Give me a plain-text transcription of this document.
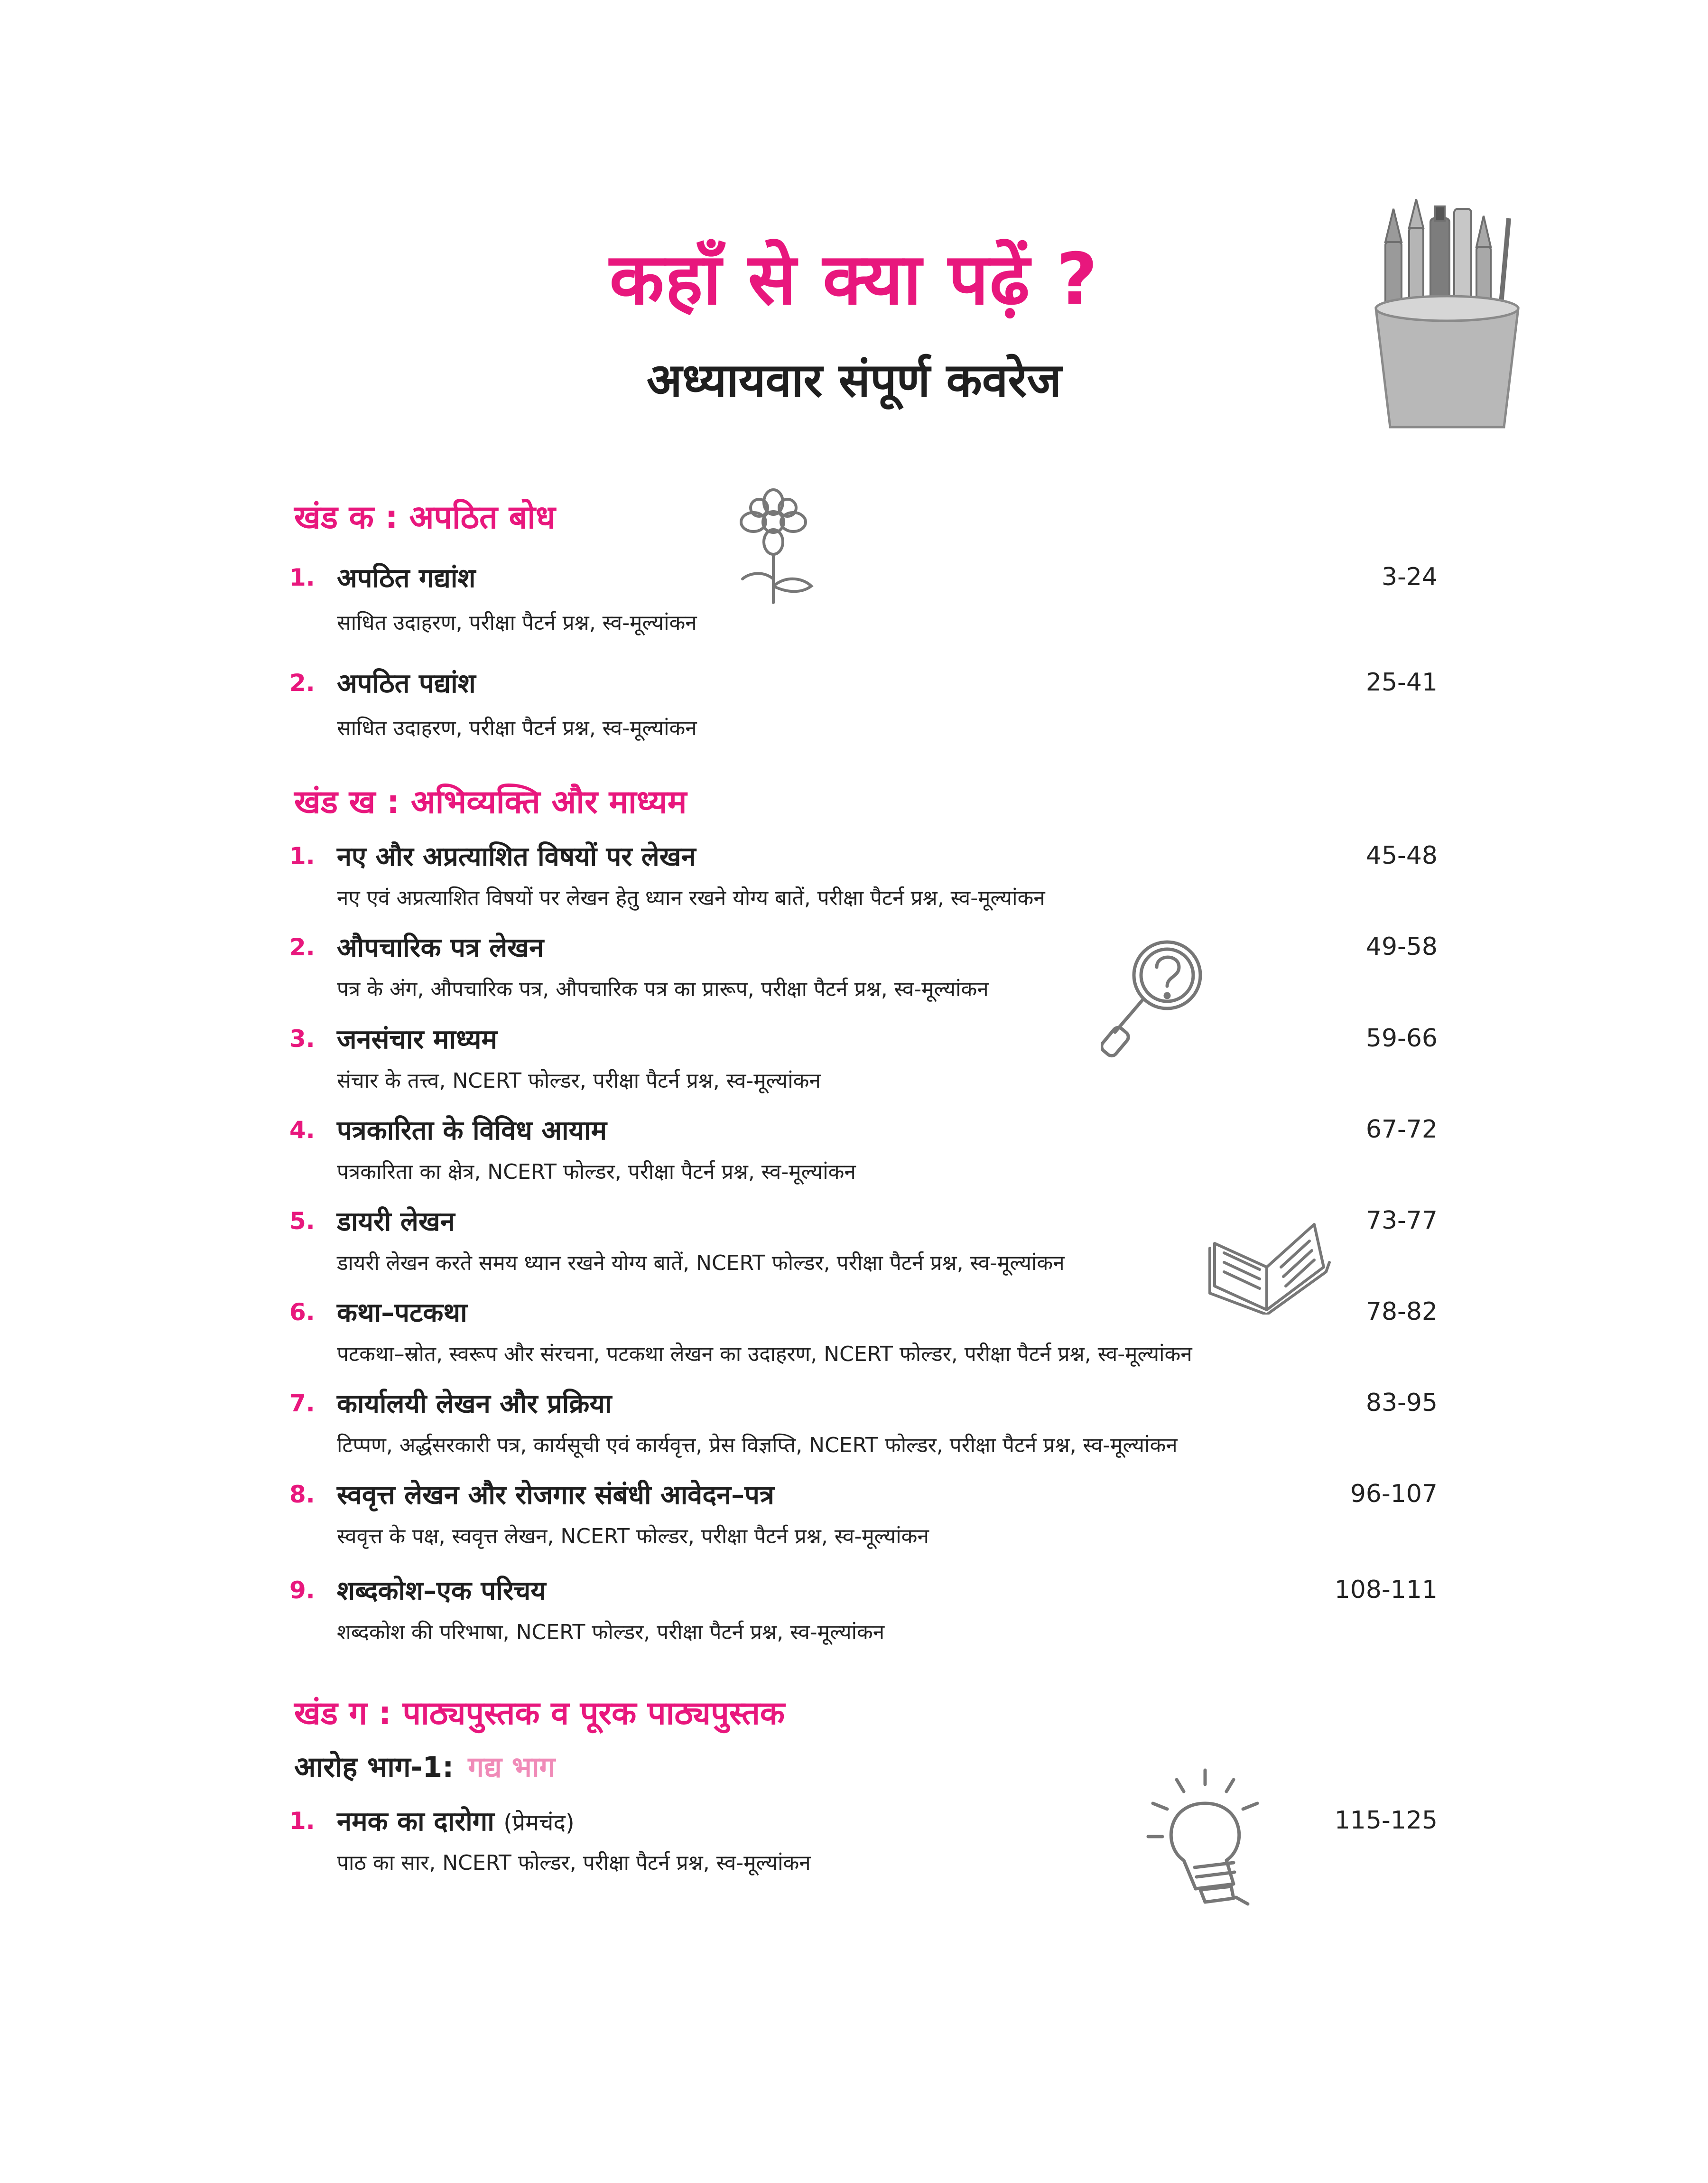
कहाँ से क्या पढ़ें ?
अध्यायवार संपूर्ण कवरेज
खंड क : अपठित बोध
1. अपठित गद्यांश	3-24
साधित उदाहरण, परीक्षा पैटर्न प्रश्न, स्व-मूल्यांकन
2. अपठित पद्यांश	25-41
साधित उदाहरण, परीक्षा पैटर्न प्रश्न, स्व-मूल्यांकन
खंड ख : अभिव्यक्ति और माध्यम
1. नए और अप्रत्याशित विषयों पर लेखन	45-48
नए एवं अप्रत्याशित विषयों पर लेखन हेतु ध्यान रखने योग्य बातें, परीक्षा पैटर्न प्रश्न, स्व-मूल्यांकन
2. औपचारिक पत्र लेखन	49-58
पत्र के अंग, औपचारिक पत्र, औपचारिक पत्र का प्रारूप, परीक्षा पैटर्न प्रश्न, स्व-मूल्यांकन
3. जनसंचार माध्यम	59-66
संचार के तत्त्व, NCERT फोल्डर, परीक्षा पैटर्न प्रश्न, स्व-मूल्यांकन
4. पत्रकारिता के विविध आयाम	67-72
पत्रकारिता का क्षेत्र, NCERT फोल्डर, परीक्षा पैटर्न प्रश्न, स्व-मूल्यांकन
5. डायरी लेखन	73-77
डायरी लेखन करते समय ध्यान रखने योग्य बातें, NCERT फोल्डर, परीक्षा पैटर्न प्रश्न, स्व-मूल्यांकन
6. कथा–पटकथा	78-82
पटकथा–स्रोत, स्वरूप और संरचना, पटकथा लेखन का उदाहरण, NCERT फोल्डर, परीक्षा पैटर्न प्रश्न, स्व-मूल्यांकन
7. कार्यालयी लेखन और प्रक्रिया	83-95
टिप्पण, अर्द्धसरकारी पत्र, कार्यसूची एवं कार्यवृत्त, प्रेस विज्ञप्ति, NCERT फोल्डर, परीक्षा पैटर्न प्रश्न, स्व-मूल्यांकन
8. स्ववृत्त लेखन और रोजगार संबंधी आवेदन–पत्र	96-107
स्ववृत्त के पक्ष, स्ववृत्त लेखन, NCERT फोल्डर, परीक्षा पैटर्न प्रश्न, स्व-मूल्यांकन
9. शब्दकोश–एक परिचय	108-111
शब्दकोश की परिभाषा, NCERT फोल्डर, परीक्षा पैटर्न प्रश्न, स्व-मूल्यांकन
खंड ग : पाठ्यपुस्तक व पूरक पाठ्यपुस्तक
आरोह भाग-1: गद्य भाग
1. नमक का दारोगा (प्रेमचंद)	115-125
पाठ का सार, NCERT फोल्डर, परीक्षा पैटर्न प्रश्न, स्व-मूल्यांकन
